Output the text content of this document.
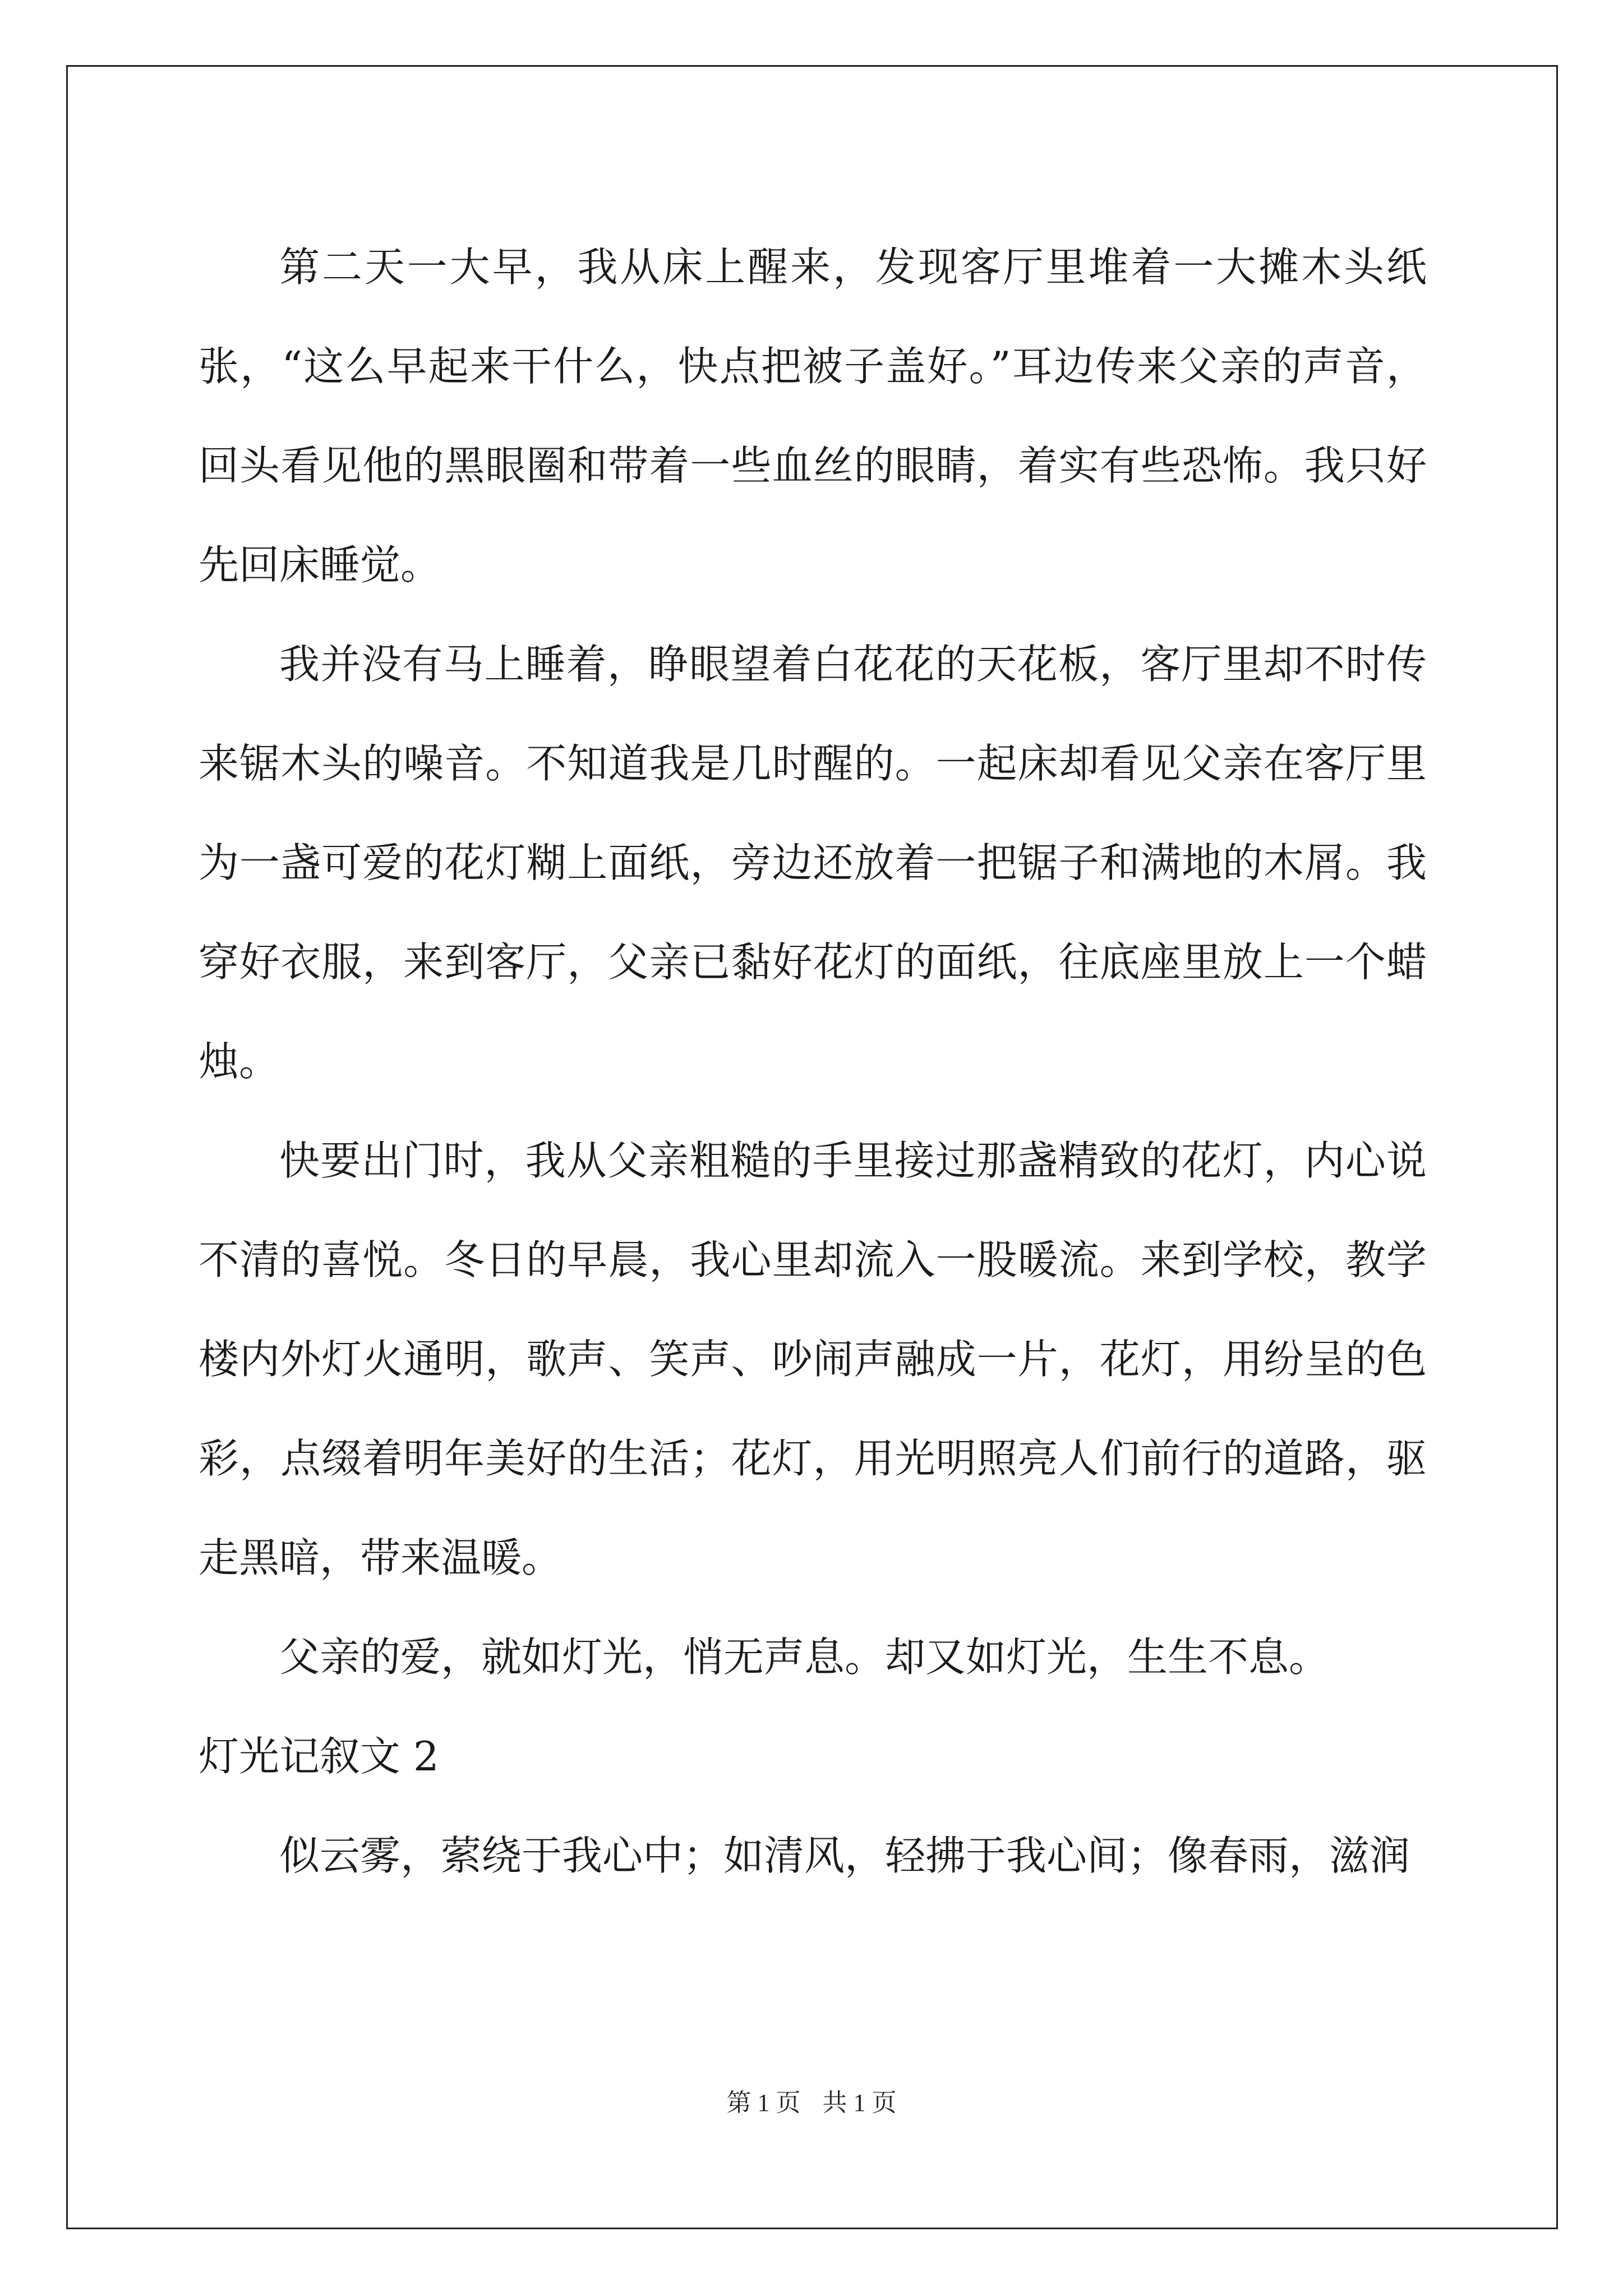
第二天一大早，我从床上醒来，发现客厅里堆着一大摊木头纸张，“这么早起来干什么，快点把被子盖好。”耳边传来父亲的声音，回头看见他的黑眼圈和带着一些血丝的眼睛，着实有些恐怖。我只好先回床睡觉。

我并没有马上睡着，睁眼望着白花花的天花板，客厅里却不时传来锯木头的噪音。不知道我是几时醒的。一起床却看见父亲在客厅里为一盏可爱的花灯糊上面纸，旁边还放着一把锯子和满地的木屑。我穿好衣服，来到客厅，父亲已黏好花灯的面纸，往底座里放上一个蜡烛。

快要出门时，我从父亲粗糙的手里接过那盏精致的花灯，内心说不清的喜悦。冬日的早晨，我心里却流入一股暖流。来到学校，教学楼内外灯火通明，歌声、笑声、吵闹声融成一片，花灯，用纷呈的色彩，点缀着明年美好的生活；花灯，用光明照亮人们前行的道路，驱走黑暗，带来温暖。

父亲的爱，就如灯光，悄无声息。却又如灯光，生生不息。

灯光记叙文 2

似云雾，萦绕于我心中；如清风，轻拂于我心间；像春雨，滋润

第 1 页 共 1 页
